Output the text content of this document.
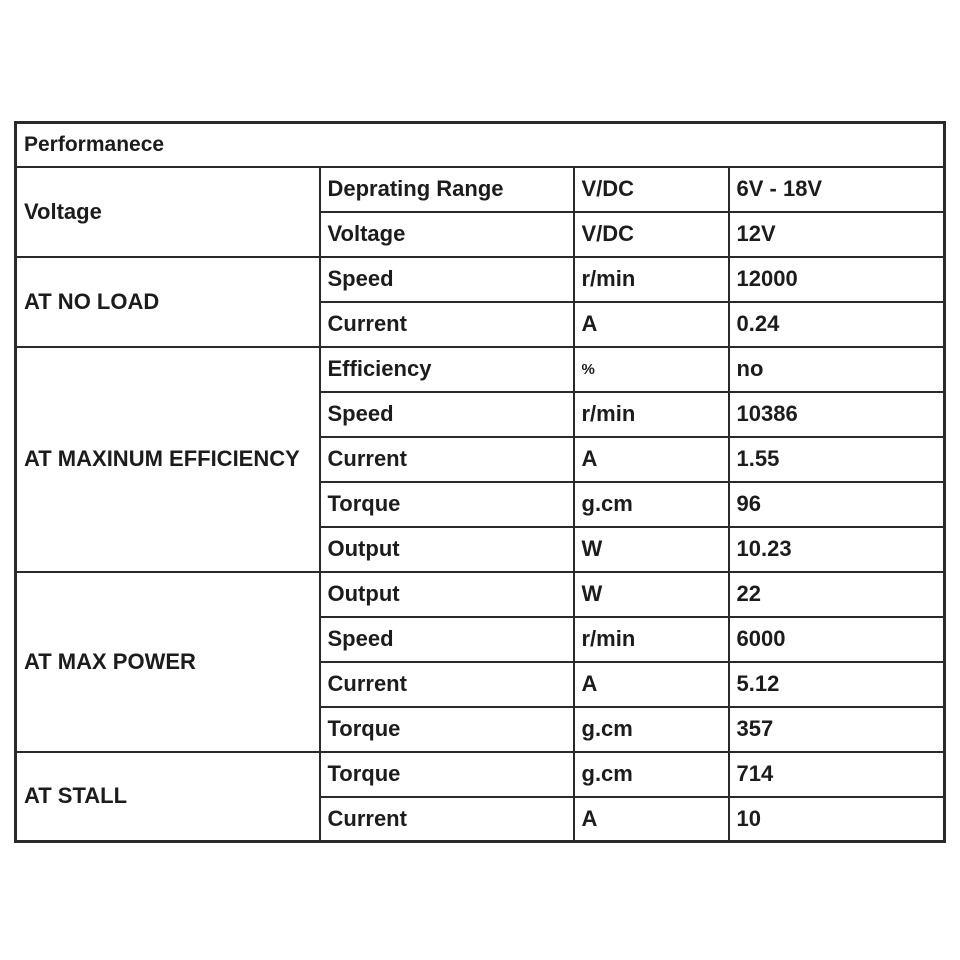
Performanece			
Voltage	Deprating Range	V/DC	6V - 18V
	Voltage	V/DC	12V
AT NO LOAD	Speed	r/min	12000
	Current	A	0.24
AT MAXINUM EFFICIENCY	Efficiency	%	no
	Speed	r/min	10386
	Current	A	1.55
	Torque	g.cm	96
	Output	W	10.23
AT MAX POWER	Output	W	22
	Speed	r/min	6000
	Current	A	5.12
	Torque	g.cm	357
AT STALL	Torque	g.cm	714
	Current	A	10
